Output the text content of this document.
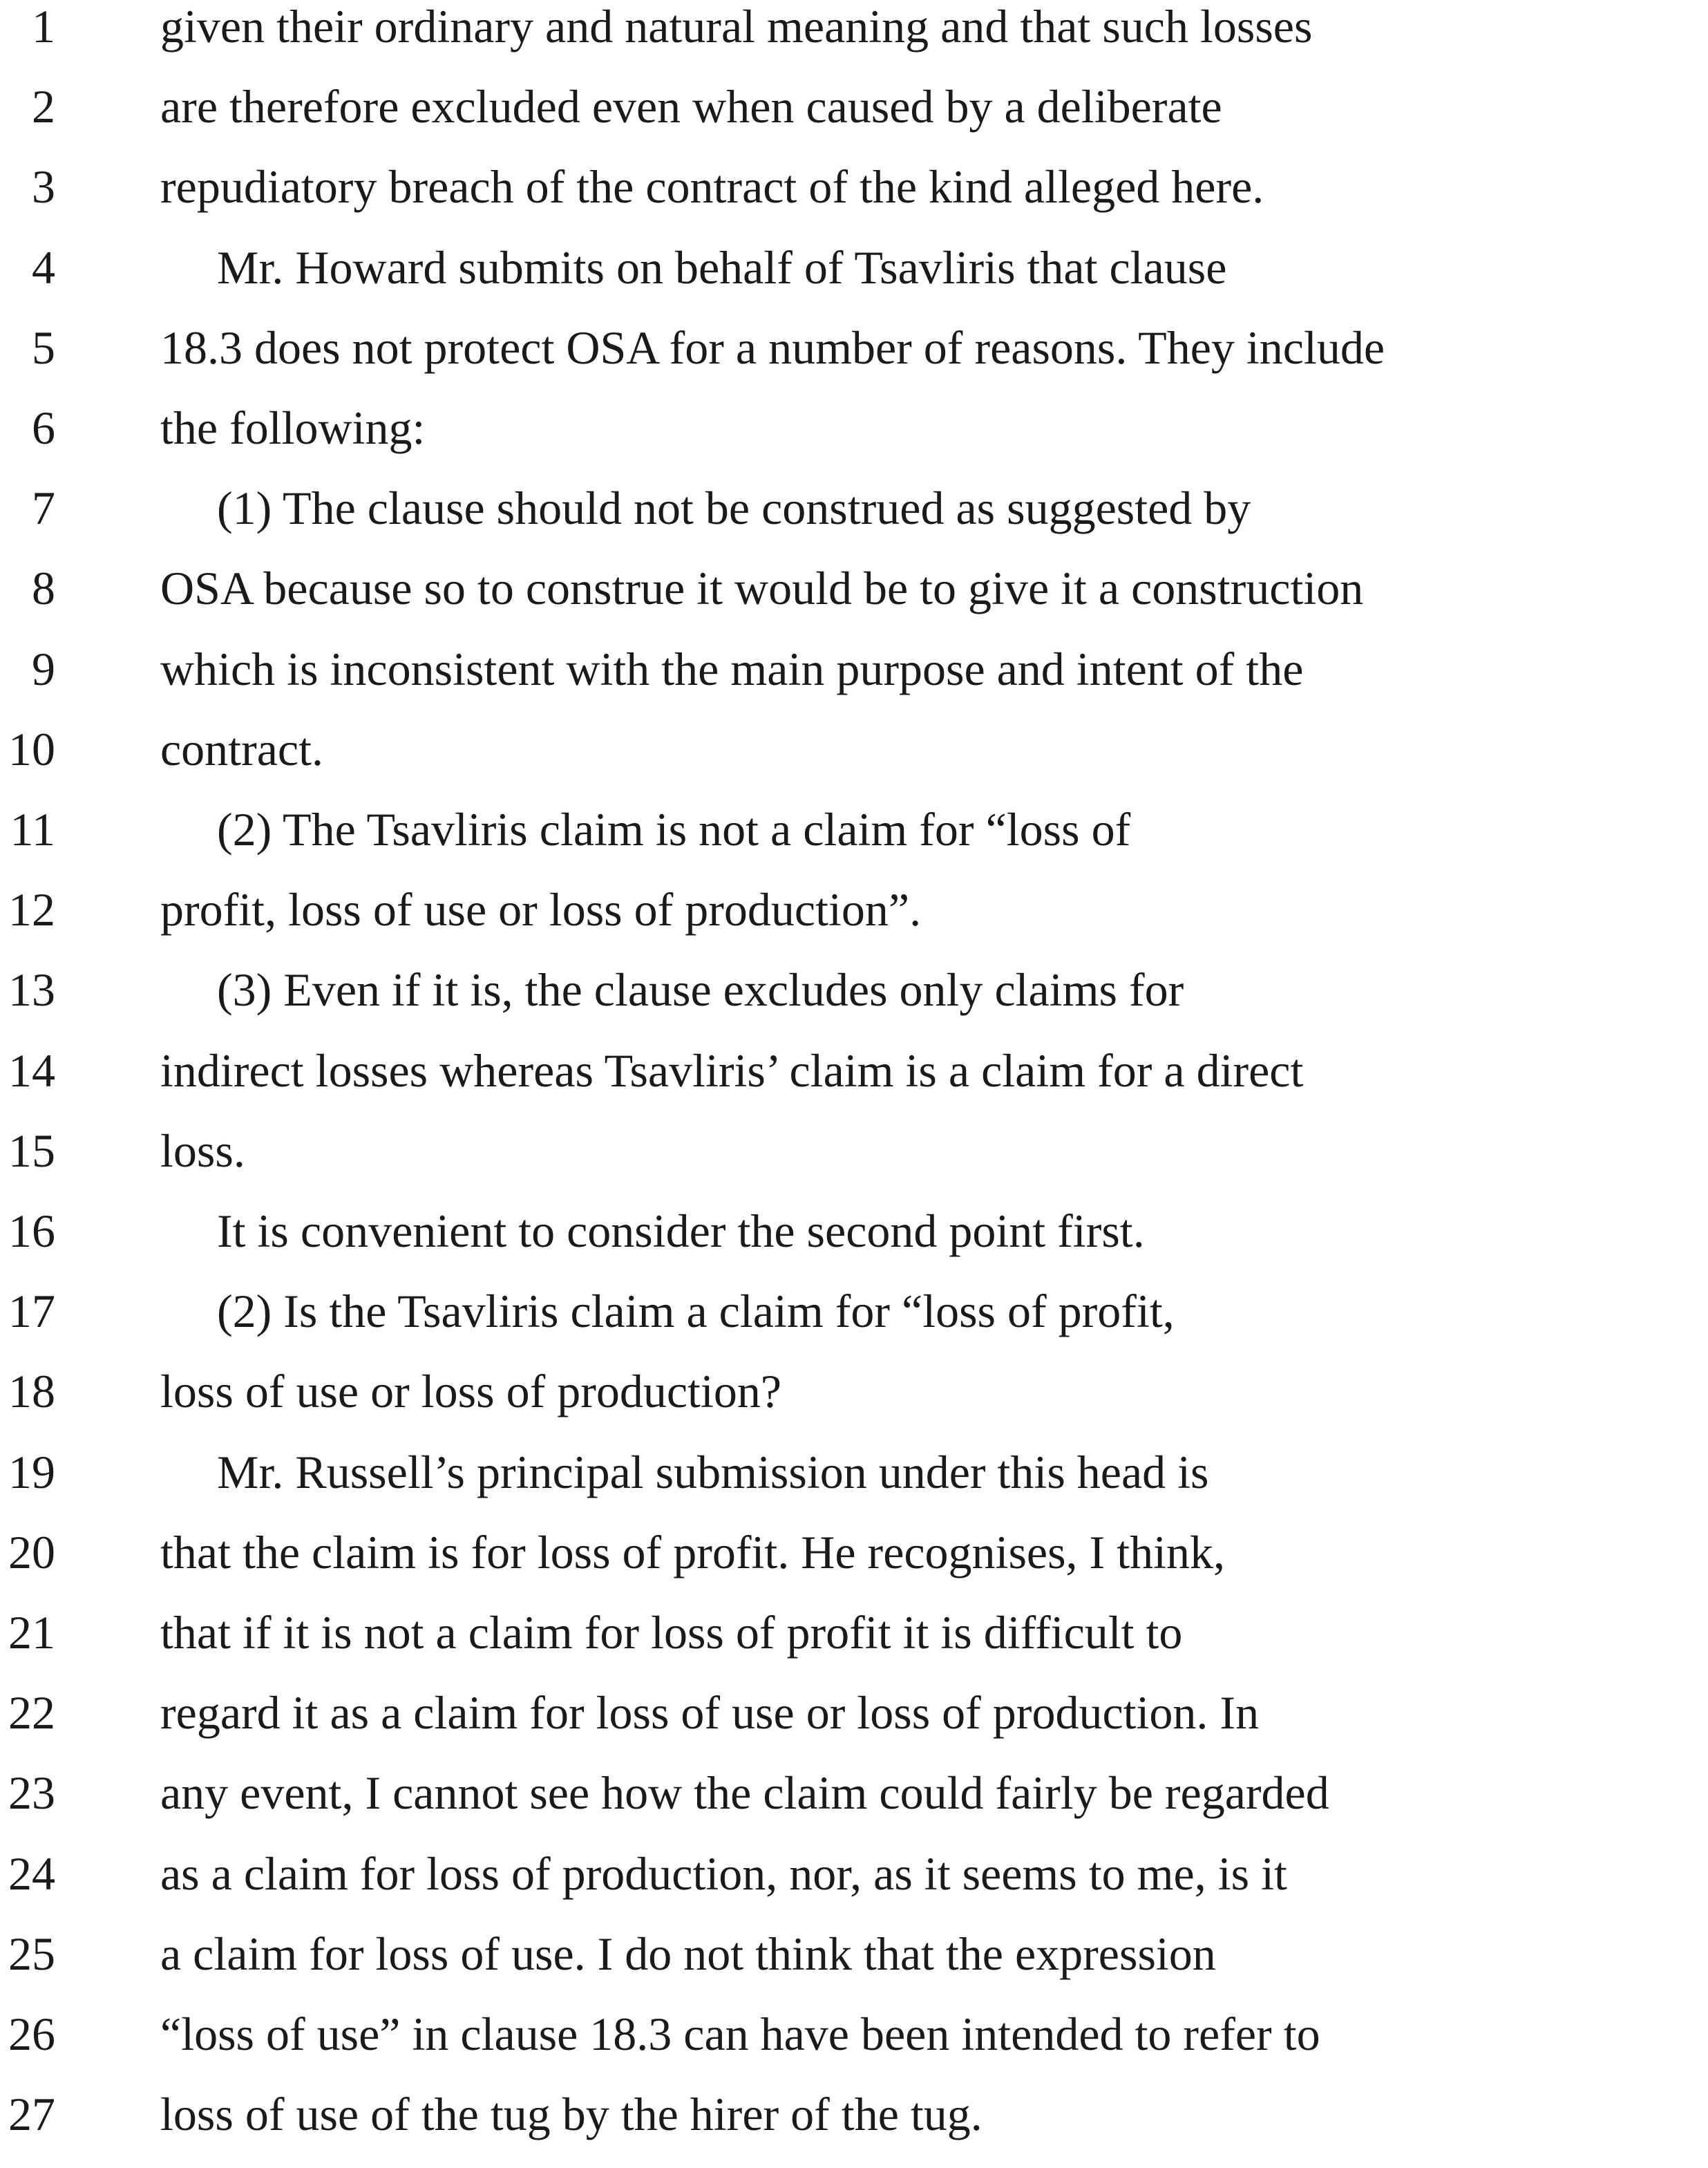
1 given their ordinary and natural meaning and that such losses
2 are therefore excluded even when caused by a deliberate
3 repudiatory breach of the contract of the kind alleged here.
4	Mr. Howard submits on behalf of Tsavliris that clause
5 18.3 does not protect OSA for a number of reasons. They include
6 the following:
7	(1) The clause should not be construed as suggested by
8 OSA because so to construe it would be to give it a construction
9 which is inconsistent with the main purpose and intent of the
10 contract.
11	(2) The Tsavliris claim is not a claim for “loss of
12 profit, loss of use or loss of production”.
13	(3) Even if it is, the clause excludes only claims for
14 indirect losses whereas Tsavliris’ claim is a claim for a direct
15 loss.
16	It is convenient to consider the second point first.
17	(2) Is the Tsavliris claim a claim for “loss of profit,
18 loss of use or loss of production?
19	Mr. Russell’s principal submission under this head is
20 that the claim is for loss of profit. He recognises, I think,
21 that if it is not a claim for loss of profit it is difficult to
22 regard it as a claim for loss of use or loss of production. In
23 any event, I cannot see how the claim could fairly be regarded
24 as a claim for loss of production, nor, as it seems to me, is it
25 a claim for loss of use. I do not think that the expression
26 “loss of use” in clause 18.3 can have been intended to refer to
27 loss of use of the tug by the hirer of the tug.
